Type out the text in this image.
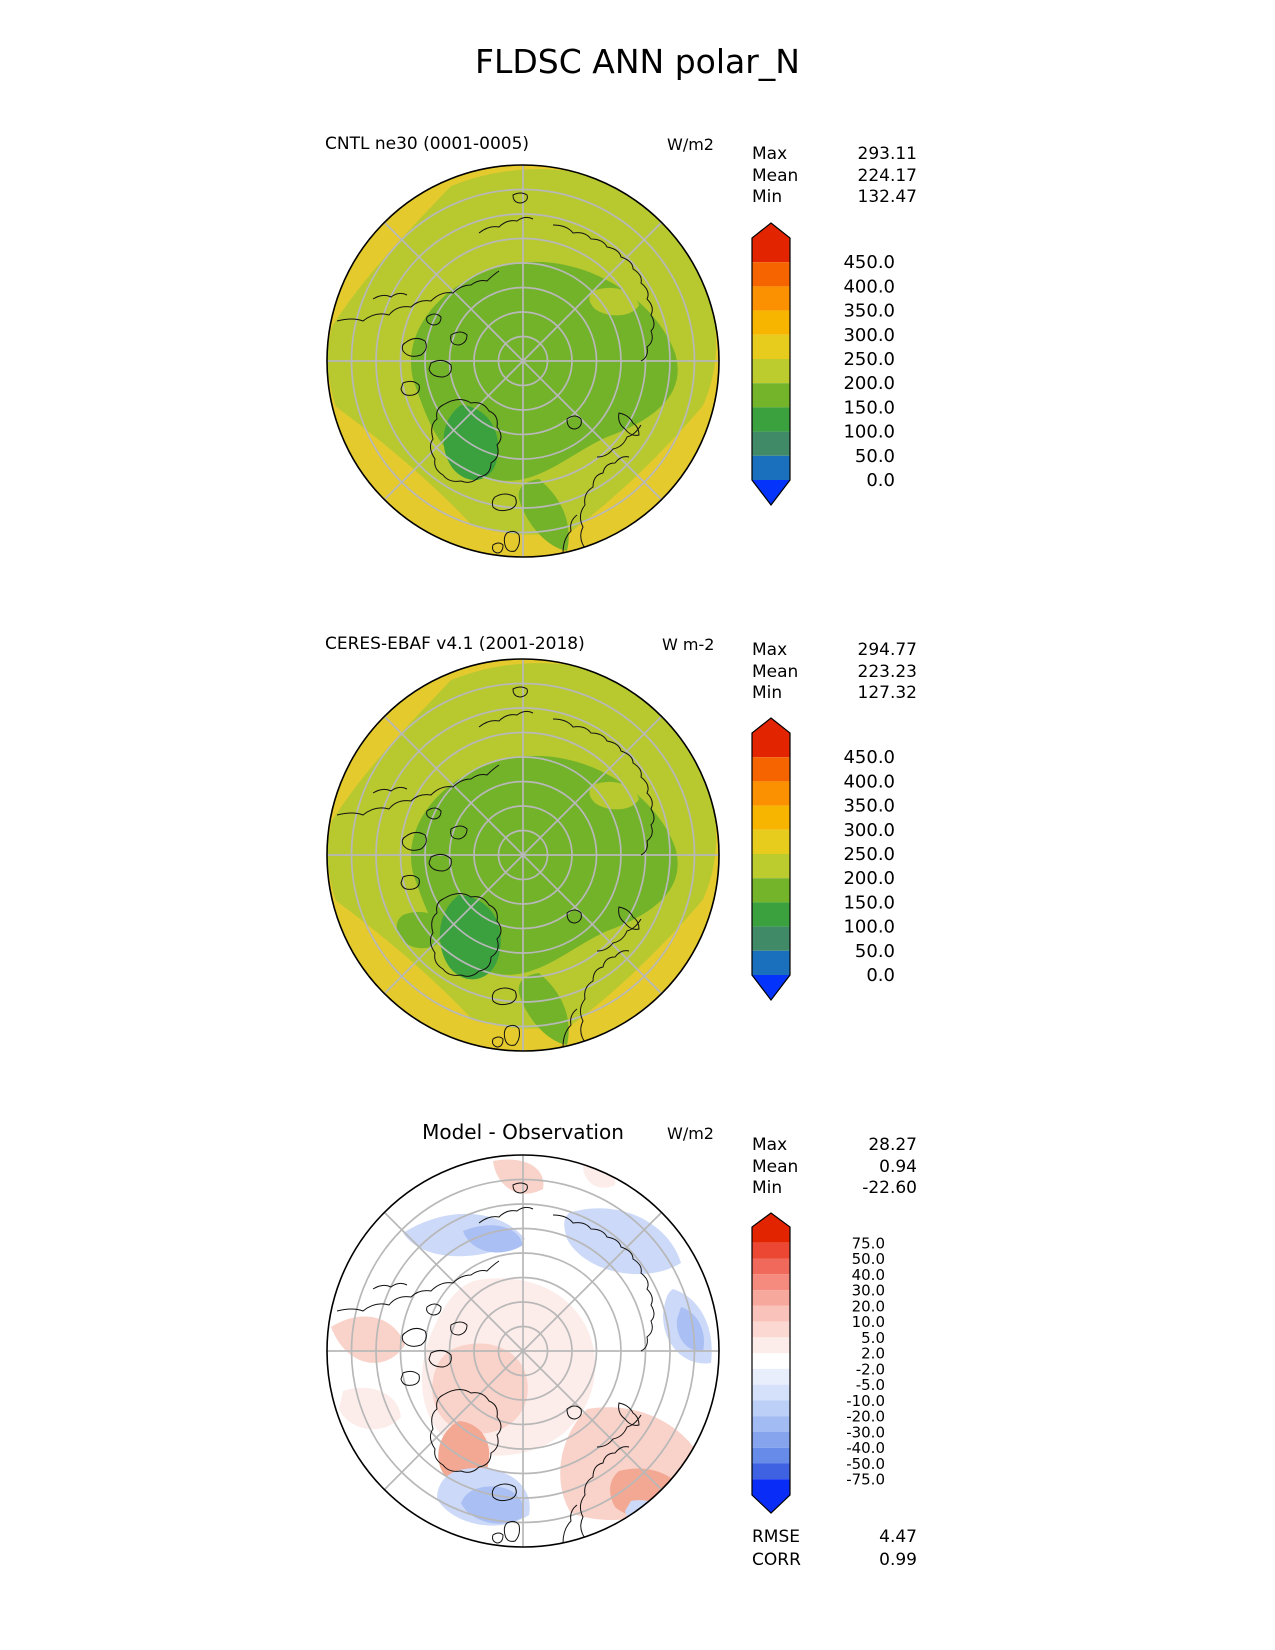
FLDSC ANN polar_N
CNTL ne30 (0001-0005)	W/m2 Max	293.11
Mean	224.17
Min	132.47
450.0
400.0
350.0
300.0
250.0
200.0
150.0
100.0
50.0
0.0
CERES-EBAF v4.1 (2001-2018)	W m-2 Max	294.77
Mean	223.23
Min	127.32
450.0
400.0
350.0
300.0
250.0
200.0
150.0
100.0
50.0
0.0
Model - Observation	W/m2
Max	28.27
Mean	0.94
Min	-22.60
75.0
50.0
40.0
30.0
20.0
10.0
5.0
2.0
-2.0
-5.0
-10.0
-20.0
-30.0
-40.0
-50.0
-75.0
RMSE	4.47
CORR	0.99
